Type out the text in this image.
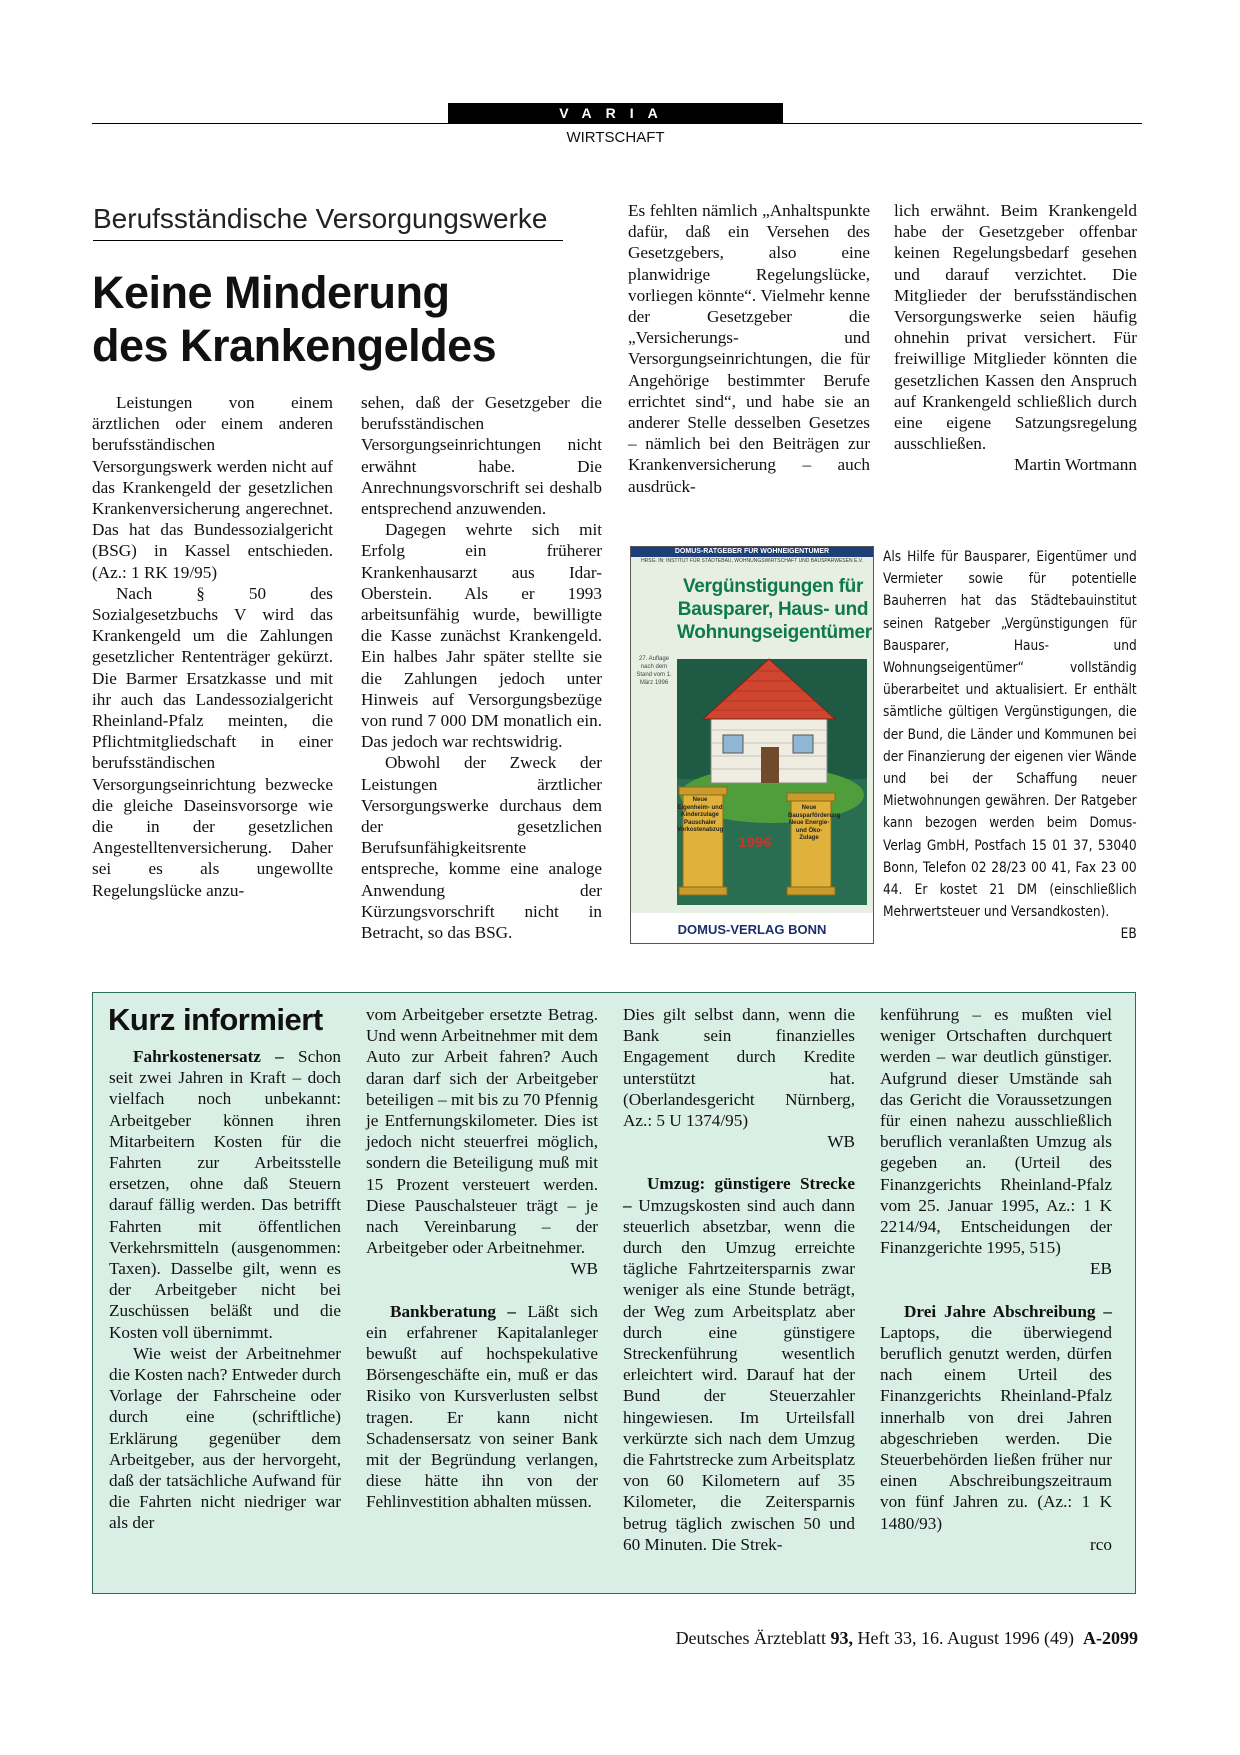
VARIA
WIRTSCHAFT
Berufsständische Versorgungswerke
Keine Minderung
des Krankengeldes

Leistungen von einem ärztlichen oder einem anderen berufsständischen Versorgungswerk werden nicht auf das Krankengeld der gesetzlichen Krankenversicherung angerechnet. Das hat das Bundessozialgericht (BSG) in Kassel entschieden. (Az.: 1 RK 19/95)

Nach § 50 des Sozialgesetzbuchs V wird das Krankengeld um die Zahlungen gesetzlicher Rententräger gekürzt. Die Barmer Ersatzkasse und mit ihr auch das Landessozialgericht Rheinland-Pfalz meinten, die Pflichtmitgliedschaft in einer berufsständischen Versorgungseinrichtung bezwecke die gleiche Daseinsvorsorge wie die in der gesetzlichen Angestelltenversicherung. Daher sei es als ungewollte Regelungslücke anzu-

sehen, daß der Gesetzgeber die berufsständischen Versorgungseinrichtungen nicht erwähnt habe. Die Anrechnungsvorschrift sei deshalb entsprechend anzuwenden.

Dagegen wehrte sich mit Erfolg ein früherer Krankenhausarzt aus Idar-Oberstein. Als er 1993 arbeitsunfähig wurde, bewilligte die Kasse zunächst Krankengeld. Ein halbes Jahr später stellte sie die Zahlungen jedoch unter Hinweis auf Versorgungsbezüge von rund 7 000 DM monatlich ein. Das jedoch war rechtswidrig.

Obwohl der Zweck der Leistungen ärztlicher Versorgungswerke durchaus dem der gesetzlichen Berufsunfähigkeitsrente entspreche, komme eine analoge Anwendung der Kürzungsvorschrift nicht in Betracht, so das BSG.

Es fehlten nämlich „Anhaltspunkte dafür, daß ein Versehen des Gesetzgebers, also eine planwidrige Regelungslücke, vorliegen könnte“. Vielmehr kenne der Gesetzgeber die „Versicherungs- und Versorgungseinrichtungen, die für Angehörige bestimmter Berufe errichtet sind“, und habe sie an anderer Stelle desselben Gesetzes – nämlich bei den Beiträgen zur Krankenversicherung – auch ausdrück-

lich erwähnt. Beim Krankengeld habe der Gesetzgeber offenbar keinen Regelungsbedarf gesehen und darauf verzichtet. Die Mitglieder der berufsständischen Versorgungswerke seien häufig ohnehin privat versichert. Für freiwillige Mitglieder könnten die gesetzlichen Kassen den Anspruch auf Krankengeld schließlich durch eine eigene Satzungsregelung ausschließen.

Martin Wortmann
DOMUS-RATGEBER FÜR WOHNEIGENTÜMER
HRSG. IN: INSTITUT FÜR STÄDTEBAU, WOHNUNGSWIRTSCHAFT UND BAUSPARWESEN E.V.
Vergünstigungen für Bausparer, Haus- und Wohnungseigentümer
27. Auflage nach dem Stand vom 1. März 1996
Neue Eigenheim- und Kinderzulage Pauschaler Vorkostenabzug
Neue Bausparförderung Neue Energie- und Öko-Zulage
1996
DOMUS-VERLAG BONN
Als Hilfe für Bausparer, Eigentümer und Vermieter sowie für potentielle Bauherren hat das Städtebauinstitut seinen Ratgeber „Vergünstigungen für Bausparer, Haus- und Wohnungseigentümer“ vollständig überarbeitet und aktualisiert. Er enthält sämtliche gültigen Vergünstigungen, die der Bund, die Länder und Kommunen bei der Finanzierung der eigenen vier Wände und bei der Schaffung neuer Mietwohnungen gewähren. Der Ratgeber kann bezogen werden beim Domus-Verlag GmbH, Postfach 15 01 37, 53040 Bonn, Telefon 02 28/23 00 41, Fax 23 00 44. Er kostet 21 DM (einschließlich Mehrwertsteuer und Versandkosten).
EB
Kurz informiert

Fahrkostenersatz – Schon seit zwei Jahren in Kraft – doch vielfach noch unbekannt: Arbeitgeber können ihren Mitarbeitern Kosten für die Fahrten zur Arbeitsstelle ersetzen, ohne daß Steuern darauf fällig werden. Das betrifft Fahrten mit öffentlichen Verkehrsmitteln (ausgenommen: Taxen). Dasselbe gilt, wenn es der Arbeitgeber nicht bei Zuschüssen beläßt und die Kosten voll übernimmt.

Wie weist der Arbeitnehmer die Kosten nach? Entweder durch Vorlage der Fahrscheine oder durch eine (schriftliche) Erklärung gegenüber dem Arbeitgeber, aus der hervorgeht, daß der tatsächliche Aufwand für die Fahrten nicht niedriger war als der

vom Arbeitgeber ersetzte Betrag. Und wenn Arbeitnehmer mit dem Auto zur Arbeit fahren? Auch daran darf sich der Arbeitgeber beteiligen – mit bis zu 70 Pfennig je Entfernungskilometer. Dies ist jedoch nicht steuerfrei möglich, sondern die Beteiligung muß mit 15 Prozent versteuert werden. Diese Pauschalsteuer trägt – je nach Vereinbarung – der Arbeitgeber oder Arbeitnehmer.

WB

Bankberatung – Läßt sich ein erfahrener Kapitalanleger bewußt auf hochspekulative Börsengeschäfte ein, muß er das Risiko von Kursverlusten selbst tragen. Er kann nicht Schadensersatz von seiner Bank mit der Begründung verlangen, diese hätte ihn von der Fehlinvestition abhalten müssen.

Dies gilt selbst dann, wenn die Bank sein finanzielles Engagement durch Kredite unterstützt hat. (Oberlandesgericht Nürnberg, Az.: 5 U 1374/95)

WB

Umzug: günstigere Strecke – Umzugskosten sind auch dann steuerlich absetzbar, wenn die durch den Umzug erreichte tägliche Fahrtzeitersparnis zwar weniger als eine Stunde beträgt, der Weg zum Arbeitsplatz aber durch eine günstigere Streckenführung wesentlich erleichtert wird. Darauf hat der Bund der Steuerzahler hingewiesen. Im Urteilsfall verkürzte sich nach dem Umzug die Fahrtstrecke zum Arbeitsplatz von 60 Kilometern auf 35 Kilometer, die Zeitersparnis betrug täglich zwischen 50 und 60 Minuten. Die Strek-

kenführung – es mußten viel weniger Ortschaften durchquert werden – war deutlich günstiger. Aufgrund dieser Umstände sah das Gericht die Voraussetzungen für einen nahezu ausschließlich beruflich veranlaßten Umzug als gegeben an. (Urteil des Finanzgerichts Rheinland-Pfalz vom 25. Januar 1995, Az.: 1 K 2214/94, Entscheidungen der Finanzgerichte 1995, 515)

EB

Drei Jahre Abschreibung – Laptops, die überwiegend beruflich genutzt werden, dürfen nach einem Urteil des Finanzgerichts Rheinland-Pfalz innerhalb von drei Jahren abgeschrieben werden. Die Steuerbehörden ließen früher nur einen Abschreibungszeitraum von fünf Jahren zu. (Az.: 1 K 1480/93)

rco
Deutsches Ärzteblatt 93, Heft 33, 16. August 1996 (49) A-2099
